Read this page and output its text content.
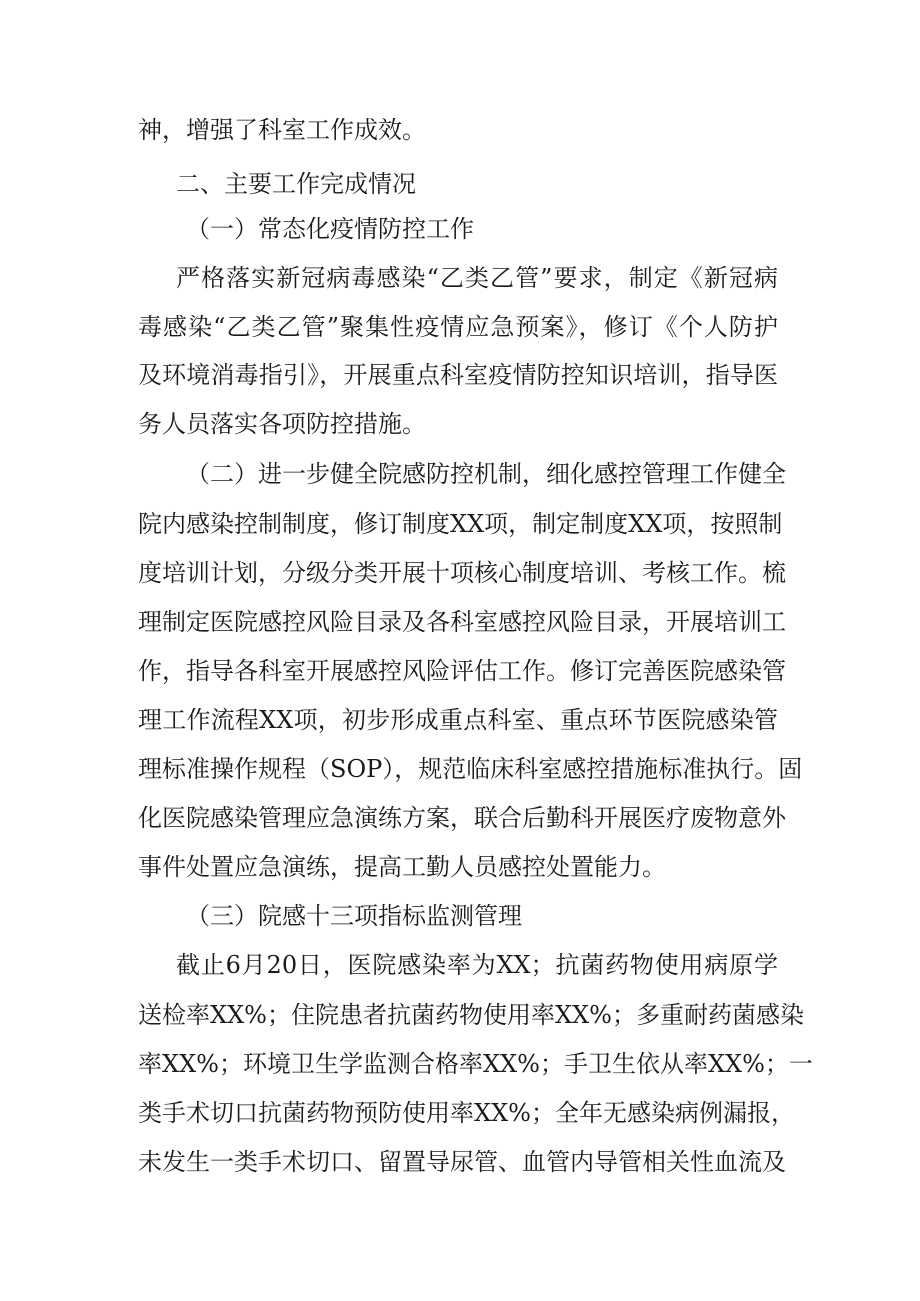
神，增强了科室工作成效。
二、主要工作完成情况
（一）常态化疫情防控工作
严格落实新冠病毒感染“乙类乙管”要求，制定《新冠病
毒感染“乙类乙管”聚集性疫情应急预案》，修订《个人防护
及环境消毒指引》，开展重点科室疫情防控知识培训，指导医
务人员落实各项防控措施。
（二）进一步健全院感防控机制，细化感控管理工作健全
院内感染控制制度，修订制度XX项，制定制度XX项，按照制
度培训计划，分级分类开展十项核心制度培训、考核工作。梳
理制定医院感控风险目录及各科室感控风险目录，开展培训工
作，指导各科室开展感控风险评估工作。修订完善医院感染管
理工作流程XX项，初步形成重点科室、重点环节医院感染管
理标准操作规程（SOP），规范临床科室感控措施标准执行。固
化医院感染管理应急演练方案，联合后勤科开展医疗废物意外
事件处置应急演练，提高工勤人员感控处置能力。
（三）院感十三项指标监测管理
截止6月20日，医院感染率为XX；抗菌药物使用病原学
送检率XX%；住院患者抗菌药物使用率XX%；多重耐药菌感染
率XX%；环境卫生学监测合格率XX%；手卫生依从率XX%；一
类手术切口抗菌药物预防使用率XX%；全年无感染病例漏报，
未发生一类手术切口、留置导尿管、血管内导管相关性血流及
